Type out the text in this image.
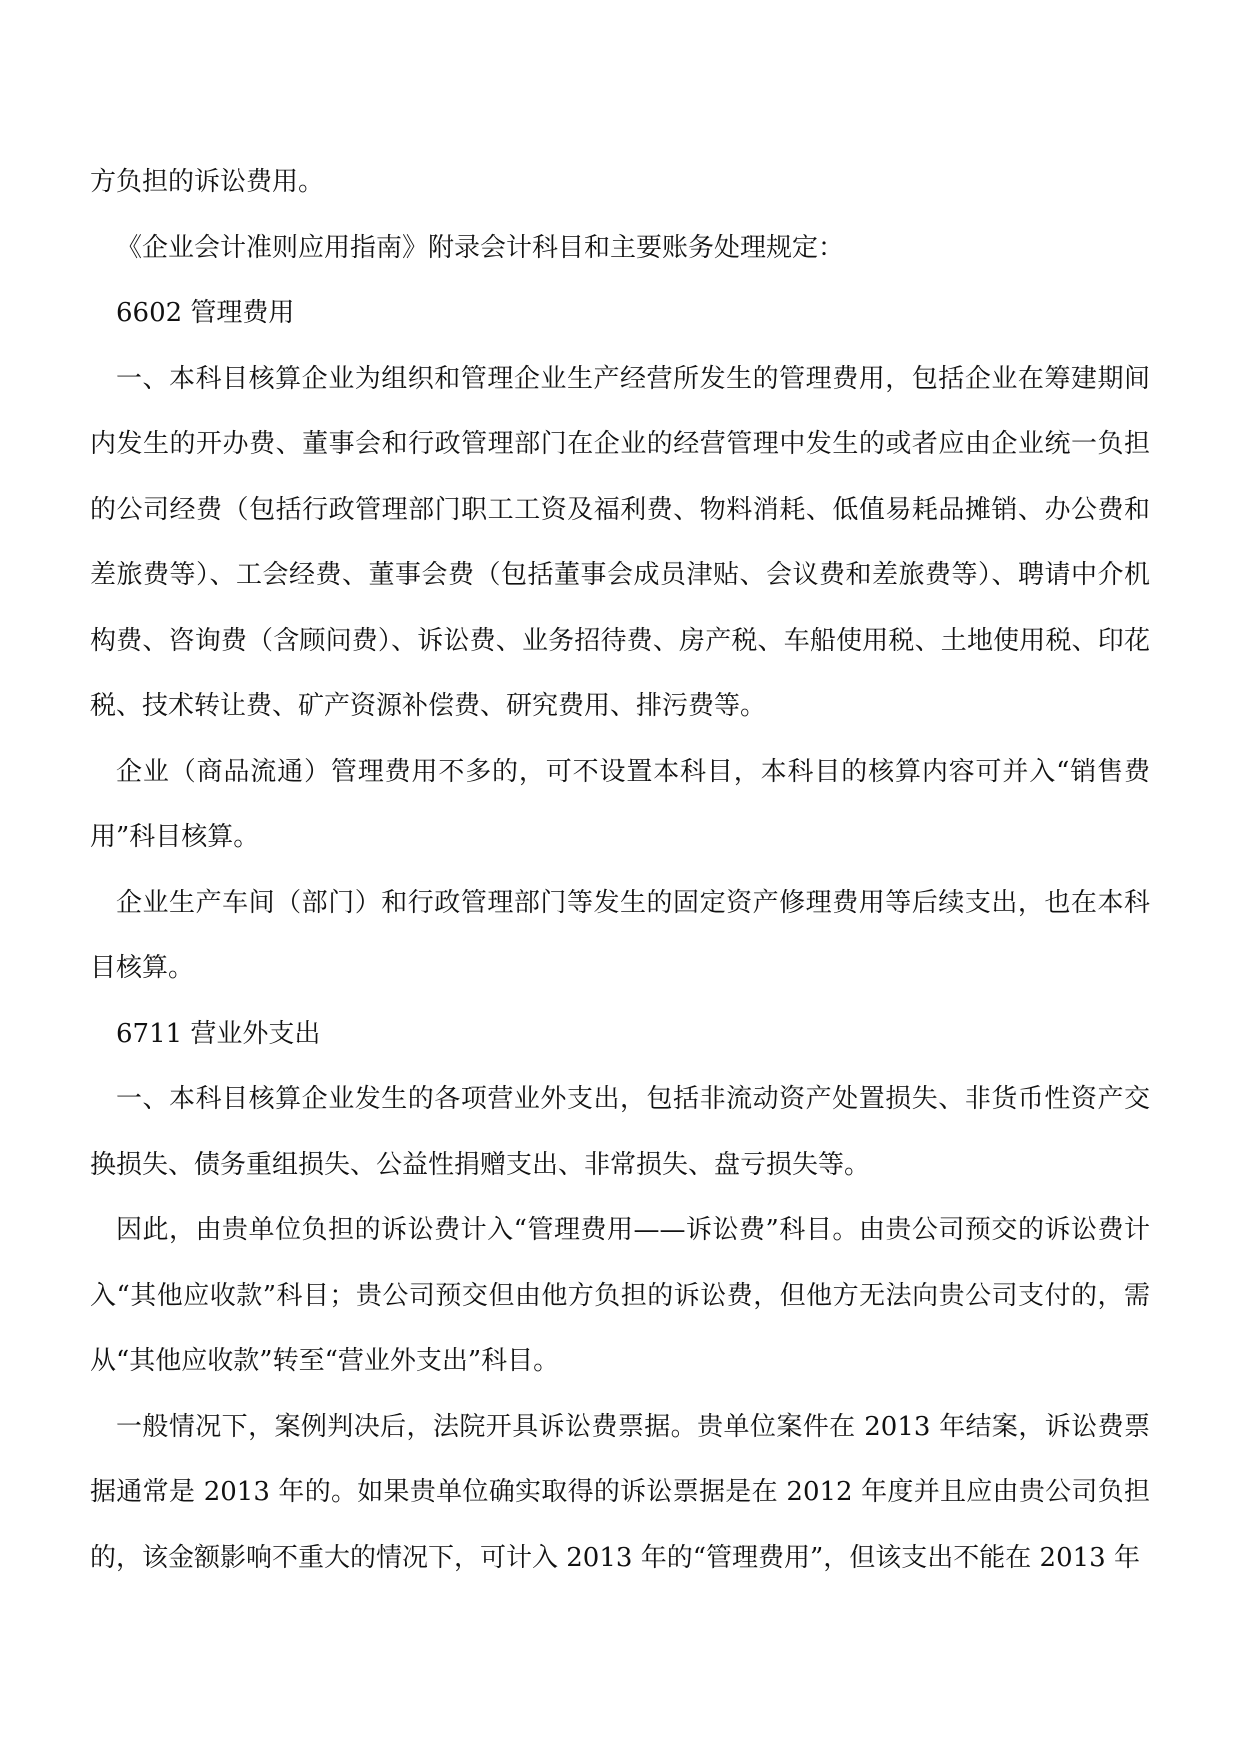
方负担的诉讼费用。

《企业会计准则应用指南》附录会计科目和主要账务处理规定：

6602 管理费用

一、本科目核算企业为组织和管理企业生产经营所发生的管理费用，包括企业在筹建期间内发生的开办费、董事会和行政管理部门在企业的经营管理中发生的或者应由企业统一负担的公司经费（包括行政管理部门职工工资及福利费、物料消耗、低值易耗品摊销、办公费和差旅费等）、工会经费、董事会费（包括董事会成员津贴、会议费和差旅费等）、聘请中介机构费、咨询费（含顾问费）、诉讼费、业务招待费、房产税、车船使用税、土地使用税、印花税、技术转让费、矿产资源补偿费、研究费用、排污费等。

企业（商品流通）管理费用不多的，可不设置本科目，本科目的核算内容可并入“销售费用”科目核算。

企业生产车间（部门）和行政管理部门等发生的固定资产修理费用等后续支出，也在本科目核算。

6711 营业外支出

一、本科目核算企业发生的各项营业外支出，包括非流动资产处置损失、非货币性资产交换损失、债务重组损失、公益性捐赠支出、非常损失、盘亏损失等。

因此，由贵单位负担的诉讼费计入“管理费用——诉讼费”科目。由贵公司预交的诉讼费计入“其他应收款”科目；贵公司预交但由他方负担的诉讼费，但他方无法向贵公司支付的，需从“其他应收款”转至“营业外支出”科目。

一般情况下，案例判决后，法院开具诉讼费票据。贵单位案件在 2013 年结案，诉讼费票据通常是 2013 年的。如果贵单位确实取得的诉讼票据是在 2012 年度并且应由贵公司负担的，该金额影响不重大的情况下，可计入 2013 年的“管理费用”，但该支出不能在 2013 年
